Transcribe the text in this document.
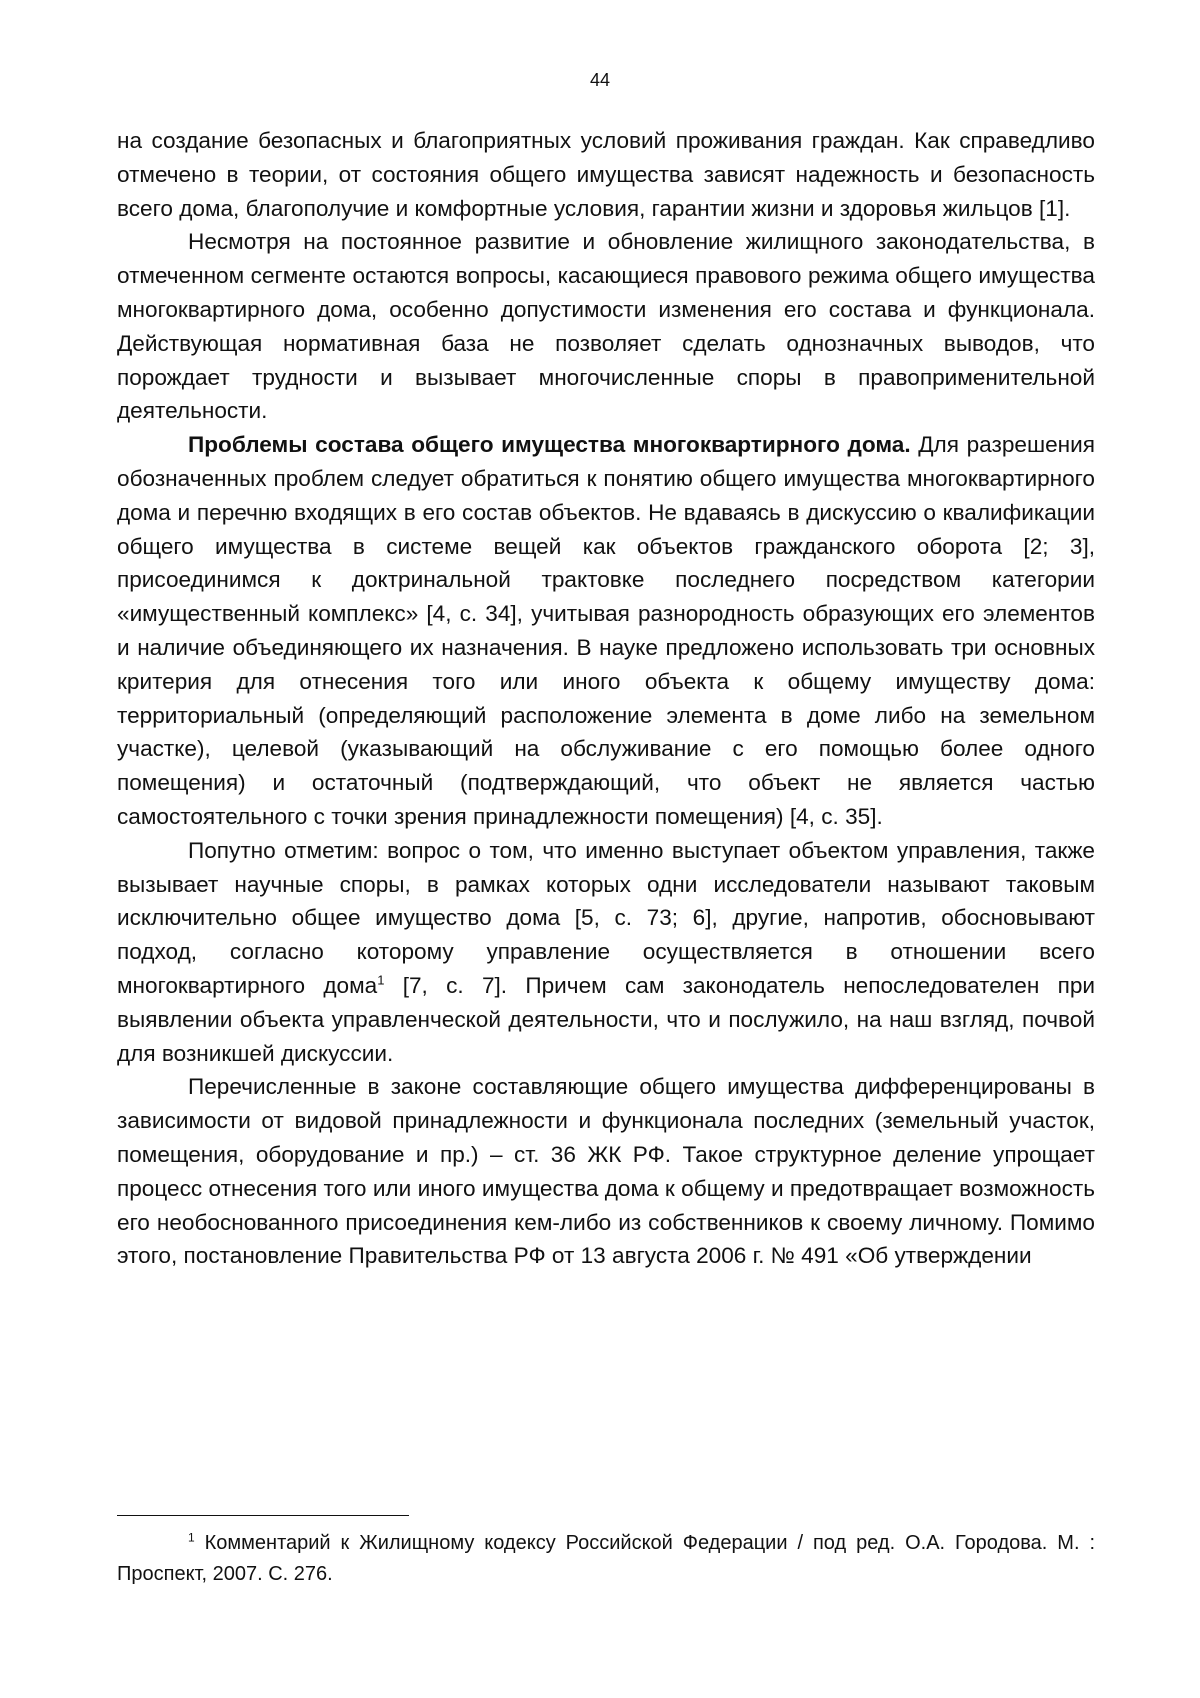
44

на создание безопасных и благоприятных условий проживания граждан. Как справедливо отмечено в теории, от состояния общего имущества зависят надежность и безопасность всего дома, благополучие и комфортные условия, гарантии жизни и здоровья жильцов [1].

Несмотря на постоянное развитие и обновление жилищного законодательства, в отмеченном сегменте остаются вопросы, касающиеся правового режима общего имущества многоквартирного дома, особенно допустимости изменения его состава и функционала. Действующая нормативная база не позволяет сделать однозначных выводов, что порождает трудности и вызывает многочисленные споры в правоприменительной деятельности.

Проблемы состава общего имущества многоквартирного дома. Для разрешения обозначенных проблем следует обратиться к понятию общего имущества многоквартирного дома и перечню входящих в его состав объектов. Не вдаваясь в дискуссию о квалификации общего имущества в системе вещей как объектов гражданского оборота [2; 3], присоединимся к доктринальной трактовке последнего посредством категории «имущественный комплекс» [4, с. 34], учитывая разнородность образующих его элементов и наличие объединяющего их назначения. В науке предложено использовать три основных критерия для отнесения того или иного объекта к общему имуществу дома: территориальный (определяющий расположение элемента в доме либо на земельном участке), целевой (указывающий на обслуживание с его помощью более одного помещения) и остаточный (подтверждающий, что объект не является частью самостоятельного с точки зрения принадлежности помещения) [4, с. 35].

Попутно отметим: вопрос о том, что именно выступает объектом управления, также вызывает научные споры, в рамках которых одни исследователи называют таковым исключительно общее имущество дома [5, с. 73; 6], другие, напротив, обосновывают подход, согласно которому управление осуществляется в отношении всего многоквартирного дома$^1$ [7, с. 7]. Причем сам законодатель непоследователен при выявлении объекта управленческой деятельности, что и послужило, на наш взгляд, почвой для возникшей дискуссии.

Перечисленные в законе составляющие общего имущества дифференцированы в зависимости от видовой принадлежности и функционала последних (земельный участок, помещения, оборудование и пр.) – ст. 36 ЖК РФ. Такое структурное деление упрощает процесс отнесения того или иного имущества дома к общему и предотвращает возможность его необоснованного присоединения кем-либо из собственников к своему личному. Помимо этого, постановление Правительства РФ от 13 августа 2006 г. № 491 «Об утверждении

$^1$ Комментарий к Жилищному кодексу Российской Федерации / под ред. О.А. Городова. М. : Проспект, 2007. С. 276.
